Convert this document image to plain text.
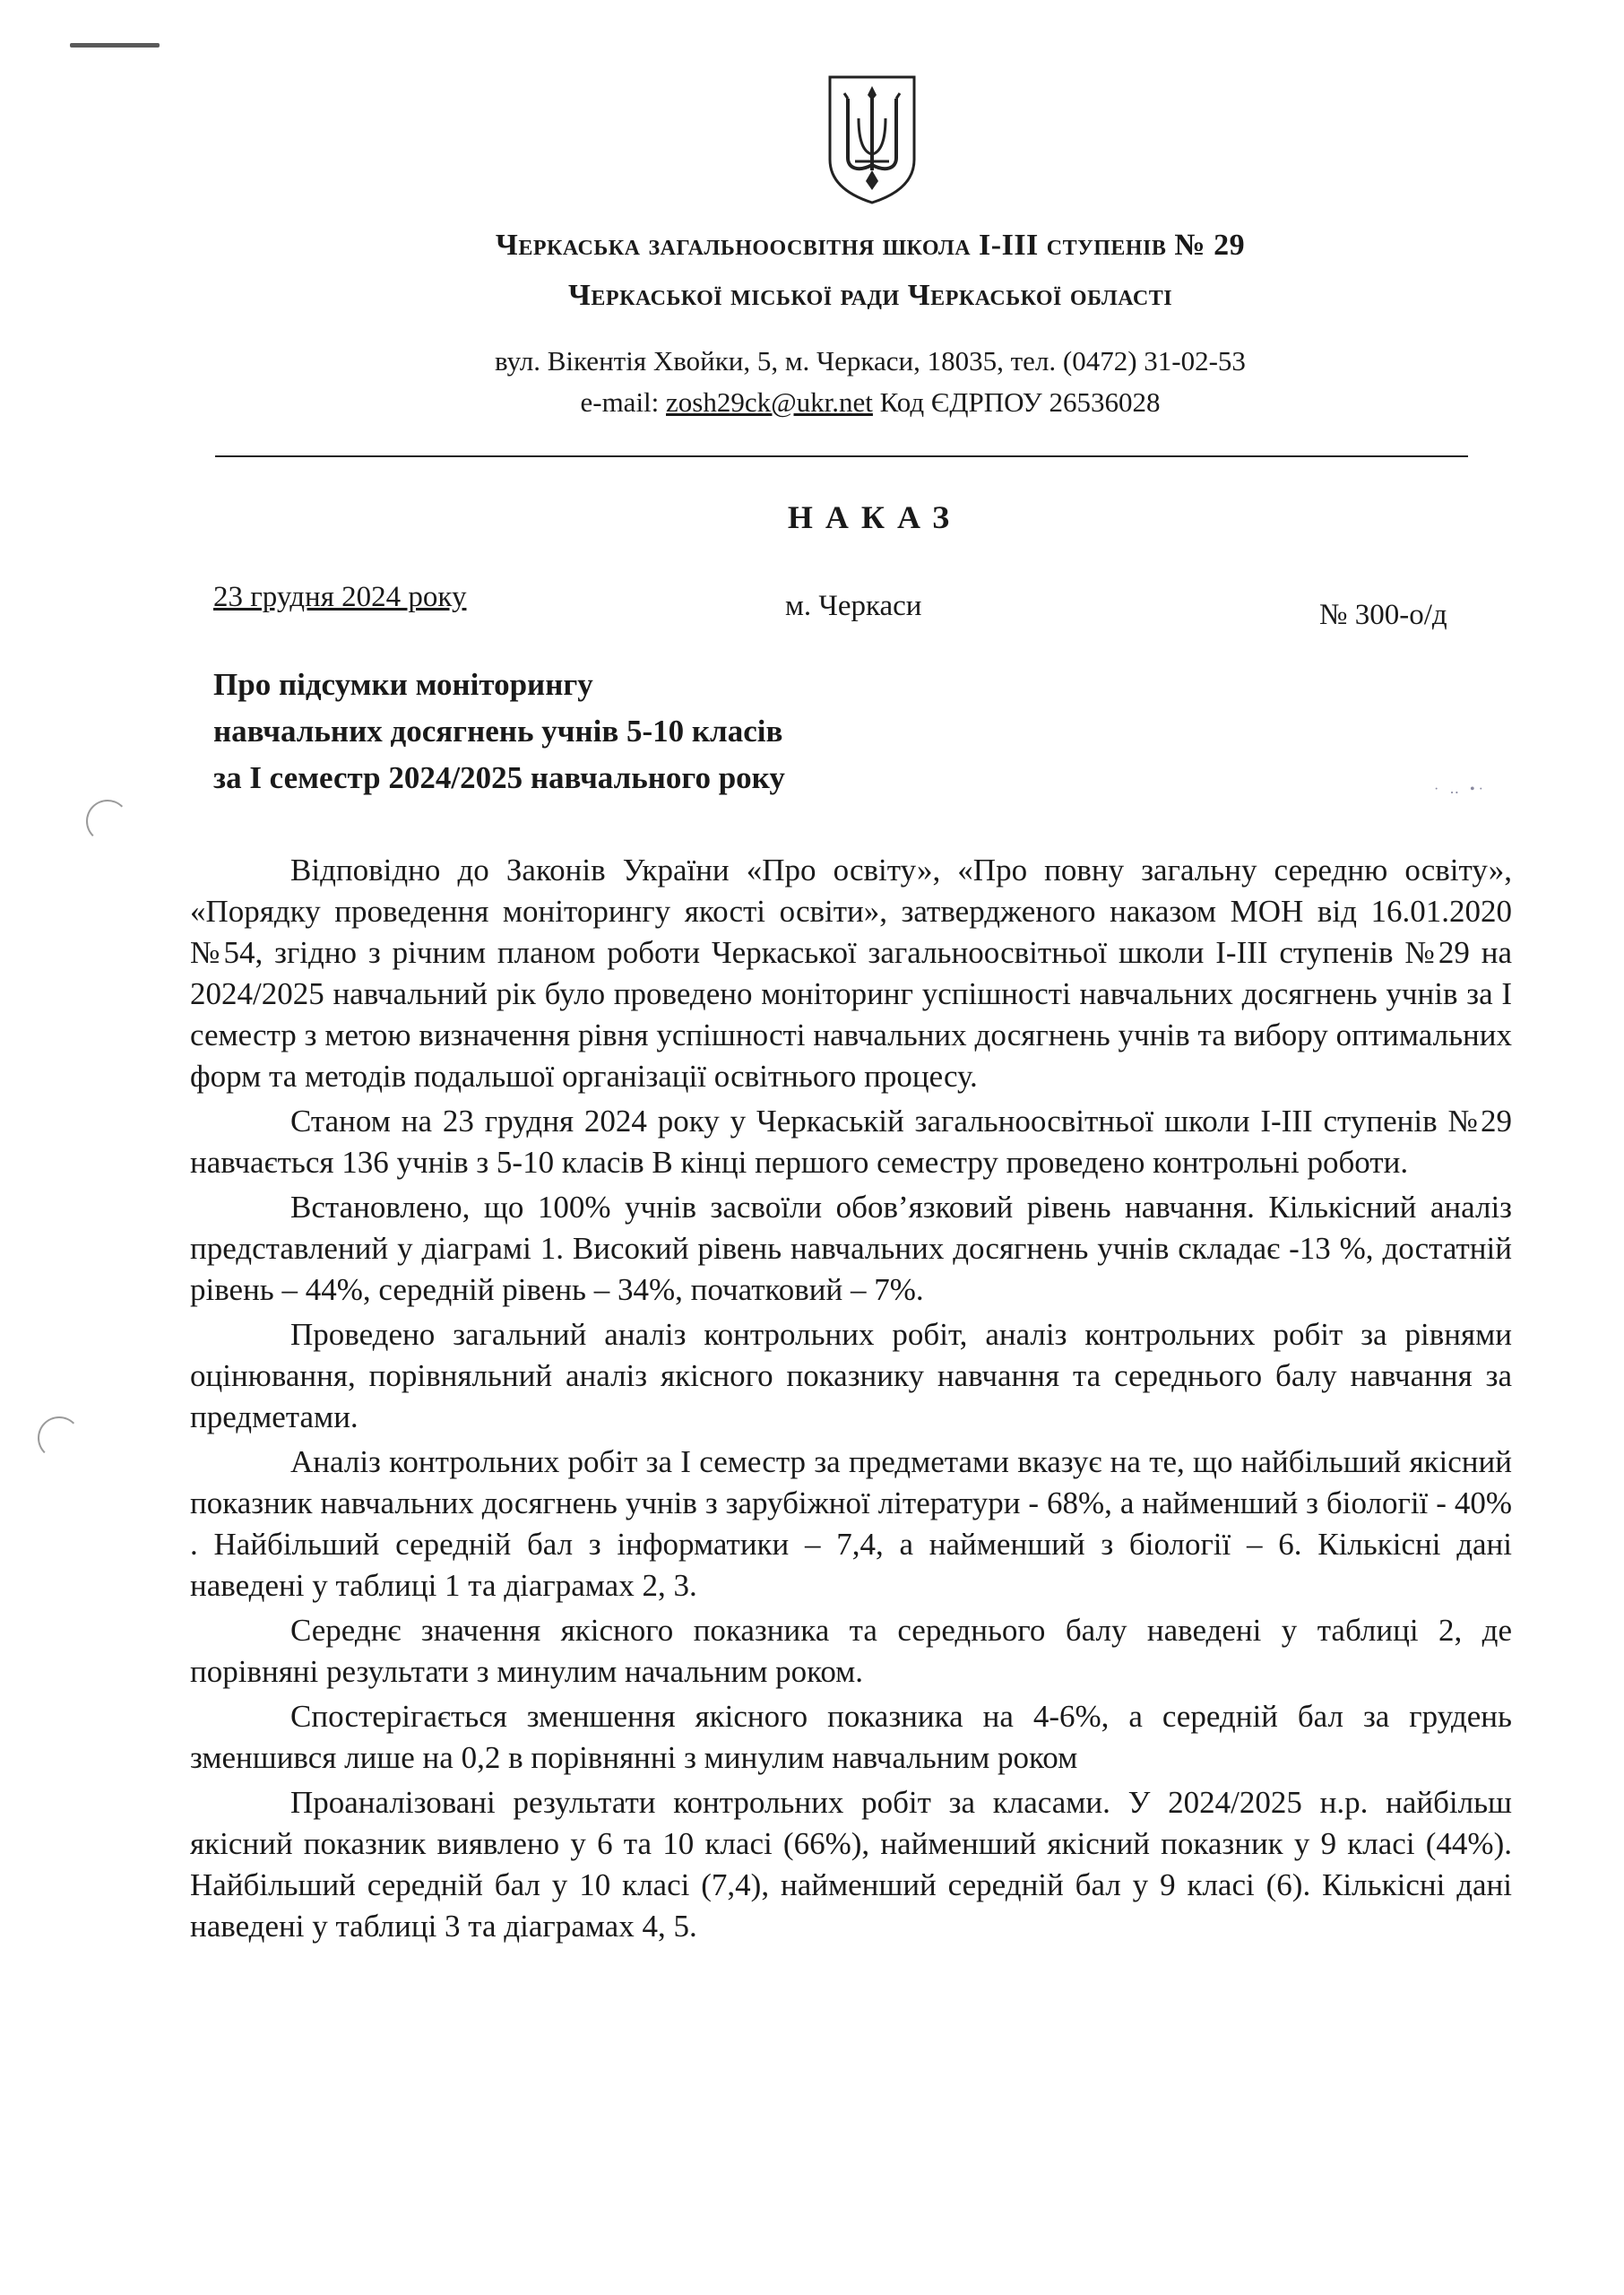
Черкаська загальноосвітня школа І-ІІІ ступенів № 29
Черкаської міської ради Черкаської області
вул. Вікентія Хвойки, 5, м. Черкаси, 18035, тел. (0472) 31-02-53
e-mail: zosh29ck@ukr.net Код ЄДРПОУ 26536028
НАКАЗ
23 грудня 2024 року	м. Черкаси	№ 300-о/д
Про підсумки моніторингу
навчальних досягнень учнів 5-10 класів
за І семестр 2024/2025 навчального року	· ‥ •·

Відповідно до Законів України «Про освіту», «Про повну загальну середню освіту», «Порядку проведення моніторингу якості освіти», затвердженого наказом МОН від 16.01.2020 №54, згідно з річним планом роботи Черкаської загальноосвітньої школи І-ІІІ ступенів №29 на 2024/2025 навчальний рік було проведено моніторинг успішності навчальних досягнень учнів за І семестр з метою визначення рівня успішності навчальних досягнень учнів та вибору оптимальних форм та методів подальшої організації освітнього процесу.

Станом на 23 грудня 2024 року у Черкаській загальноосвітньої школи І-ІІІ ступенів №29 навчається 136 учнів з 5-10 класів В кінці першого семестру проведено контрольні роботи.

Встановлено, що 100% учнів засвоїли обов’язковий рівень навчання. Кількісний аналіз представлений у діаграмі 1. Високий рівень навчальних досягнень учнів складає -13 %, достатній рівень – 44%, середній рівень – 34%, початковий – 7%.

Проведено загальний аналіз контрольних робіт, аналіз контрольних робіт за рівнями оцінювання, порівняльний аналіз якісного показнику навчання та середнього балу навчання за предметами.

Аналіз контрольних робіт за І семестр за предметами вказує на те, що найбільший якісний показник навчальних досягнень учнів з зарубіжної літератури - 68%, а найменший з біології - 40% . Найбільший середній бал з інформатики – 7,4, а найменший з біології – 6. Кількісні дані наведені у таблиці 1 та діаграмах 2, 3.

Середнє значення якісного показника та середнього балу наведені у таблиці 2, де порівняні результати з минулим начальним роком.

Спостерігається зменшення якісного показника на 4-6%, а середній бал за грудень зменшився лише на 0,2 в порівнянні з минулим навчальним роком

Проаналізовані результати контрольних робіт за класами. У 2024/2025 н.р. найбільш якісний показник виявлено у 6 та 10 класі (66%), найменший якісний показник у 9 класі (44%). Найбільший середній бал у 10 класі (7,4), найменший середній бал у 9 класі (6). Кількісні дані наведені у таблиці 3 та діаграмах 4, 5.
